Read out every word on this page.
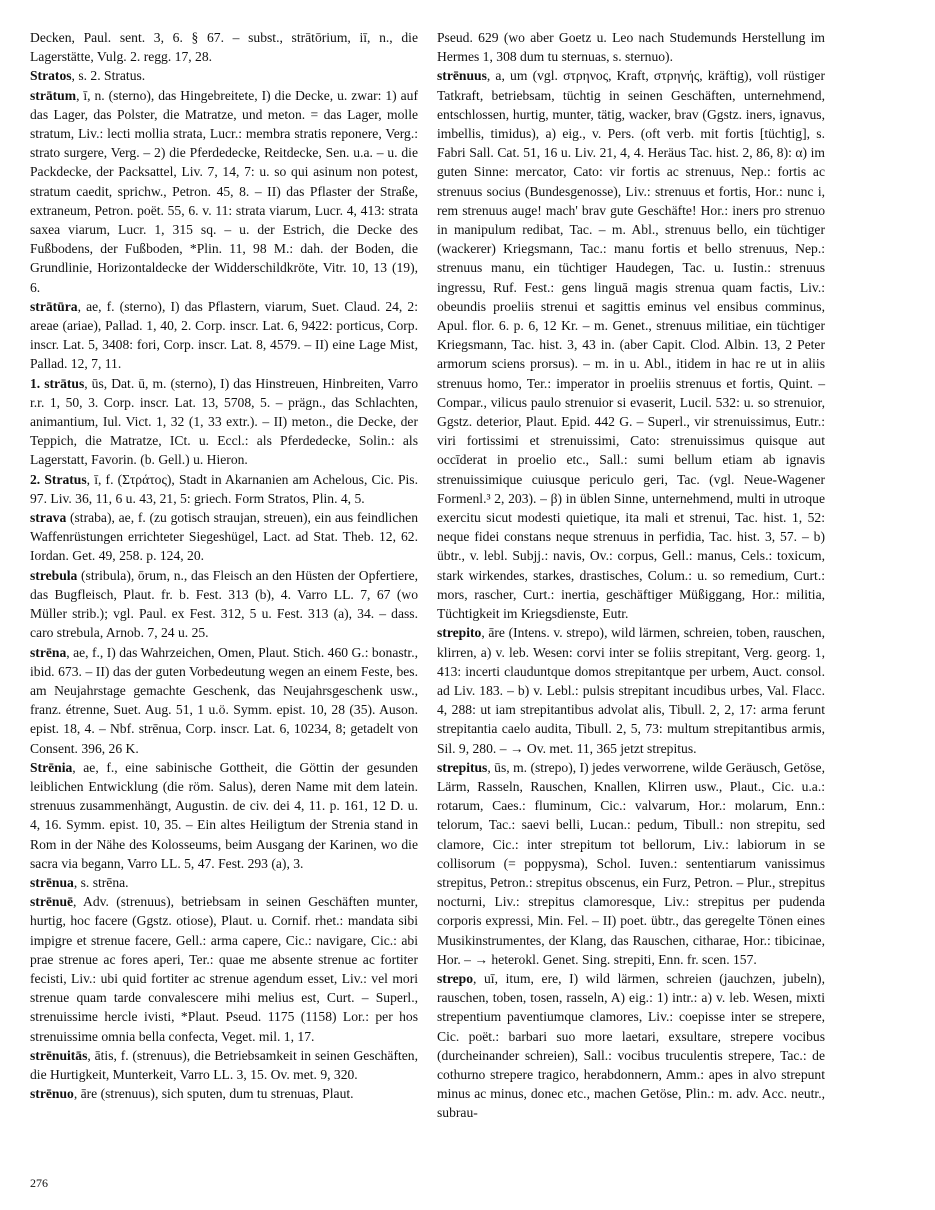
Decken, Paul. sent. 3, 6. § 67. – subst., strātōrium, iī, n., die Lagerstätte, Vulg. 2. regg. 17, 28.

Stratos, s. 2. Stratus.

strātum, ī, n. (sterno), das Hingebreitete, I) die Decke, u. zwar: 1) auf das Lager, das Polster, die Matratze, und meton. = das Lager, molle stratum, Liv.: lecti mollia strata, Lucr.: membra stratis reponere, Verg.: strato surgere, Verg. – 2) die Pferdedecke, Reitdecke, Sen. u.a. – u. die Packdecke, der Packsattel, Liv. 7, 14, 7: u. so qui asinum non potest, stratum caedit, sprichw., Petron. 45, 8. – II) das Pflaster der Straße, extraneum, Petron. poët. 55, 6. v. 11: strata viarum, Lucr. 4, 413: strata saxea viarum, Lucr. 1, 315 sq. – u. der Estrich, die Decke des Fußbodens, der Fußboden, *Plin. 11, 98 M.: dah. der Boden, die Grundlinie, Horizontaldecke der Widderschildkröte, Vitr. 10, 13 (19), 6.

strātūra, ae, f. (sterno), I) das Pflastern, viarum, Suet. Claud. 24, 2: areae (ariae), Pallad. 1, 40, 2. Corp. inscr. Lat. 6, 9422: porticus, Corp. inscr. Lat. 5, 3408: fori, Corp. inscr. Lat. 8, 4579. – II) eine Lage Mist, Pallad. 12, 7, 11.

1. strātus, ūs, Dat. ū, m. (sterno), I) das Hinstreuen, Hinbreiten, Varro r.r. 1, 50, 3. Corp. inscr. Lat. 13, 5708, 5. – prägn., das Schlachten, animantium, Iul. Vict. 1, 32 (1, 33 extr.). – II) meton., die Decke, der Teppich, die Matratze, ICt. u. Eccl.: als Pferdedecke, Solin.: als Lagerstatt, Favorin. (b. Gell.) u. Hieron.

2. Stratus, ī, f. (Στράτος), Stadt in Akarnanien am Achelous, Cic. Pis. 97. Liv. 36, 11, 6 u. 43, 21, 5: griech. Form Stratos, Plin. 4, 5.

strava (straba), ae, f. (zu gotisch straujan, streuen), ein aus feindlichen Waffenrüstungen errichteter Siegeshügel, Lact. ad Stat. Theb. 12, 62. Iordan. Get. 49, 258. p. 124, 20.

strebula (stribula), ōrum, n., das Fleisch an den Hüsten der Opfertiere, das Bugfleisch, Plaut. fr. b. Fest. 313 (b), 4. Varro LL. 7, 67 (wo Müller strib.); vgl. Paul. ex Fest. 312, 5 u. Fest. 313 (a), 34. – dass. caro strebula, Arnob. 7, 24 u. 25.

strēna, ae, f., I) das Wahrzeichen, Omen, Plaut. Stich. 460 G.: bonastr., ibid. 673. – II) das der guten Vorbedeutung wegen an einem Feste, bes. am Neujahrstage gemachte Geschenk, das Neujahrsgeschenk usw., franz. étrenne, Suet. Aug. 51, 1 u.ö. Symm. epist. 10, 28 (35). Auson. epist. 18, 4. – Nbf. strēnua, Corp. inscr. Lat. 6, 10234, 8; getadelt von Consent. 396, 26 K.

Strēnia, ae, f., eine sabinische Gottheit, die Göttin der gesunden leiblichen Entwicklung (die röm. Salus), deren Name mit dem latein. strenuus zusammenhängt, Augustin. de civ. dei 4, 11. p. 161, 12 D. u. 4, 16. Symm. epist. 10, 35. – Ein altes Heiligtum der Strenia stand in Rom in der Nähe des Kolosseums, beim Ausgang der Karinen, wo die sacra via begann, Varro LL. 5, 47. Fest. 293 (a), 3.

strēnua, s. strēna.

strēnuē, Adv. (strenuus), betriebsam in seinen Geschäften munter, hurtig, hoc facere (Ggstz. otiose), Plaut. u. Cornif. rhet.: mandata sibi impigre et strenue facere, Gell.: arma capere, Cic.: navigare, Cic.: abi prae strenue ac fores aperi, Ter.: quae me absente strenue ac fortiter fecisti, Liv.: ubi quid fortiter ac strenue agendum esset, Liv.: vel mori strenue quam tarde convalescere mihi melius est, Curt. – Superl., strenuissime hercle ivisti, *Plaut. Pseud. 1175 (1158) Lor.: per hos strenuissime omnia bella confecta, Veget. mil. 1, 17.

strēnuitās, ātis, f. (strenuus), die Betriebsamkeit in seinen Geschäften, die Hurtigkeit, Munterkeit, Varro LL. 3, 15. Ov. met. 9, 320.

strēnuo, āre (strenuus), sich sputen, dum tu strenuas, Plaut.

Pseud. 629 (wo aber Goetz u. Leo nach Studemunds Herstellung im Hermes 1, 308 dum tu sternuas, s. sternuo).

strēnuus, a, um (vgl. στρηνος, Kraft, στρηνής, kräftig), voll rüstiger Tatkraft, betriebsam, tüchtig in seinen Geschäften, unternehmend, entschlossen, hurtig, munter, tätig, wacker, brav (Ggstz. iners, ignavus, imbellis, timidus), a) eig., v. Pers. (oft verb. mit fortis [tüchtig], s. Fabri Sall. Cat. 51, 16 u. Liv. 21, 4, 4. Heräus Tac. hist. 2, 86, 8): α) im guten Sinne: mercator, Cato: vir fortis ac strenuus, Nep.: fortis ac strenuus socius (Bundesgenosse), Liv.: strenuus et fortis, Hor.: nunc i, rem strenuus auge! mach' brav gute Geschäfte! Hor.: iners pro strenuo in manipulum redibat, Tac. – m. Abl., strenuus bello, ein tüchtiger (wackerer) Kriegsmann, Tac.: manu fortis et bello strenuus, Nep.: strenuus manu, ein tüchtiger Haudegen, Tac. u. Iustin.: strenuus ingressu, Ruf. Fest.: gens linguā magis strenua quam factis, Liv.: obeundis proeliis strenui et sagittis eminus vel ensibus comminus, Apul. flor. 6. p. 6, 12 Kr. – m. Genet., strenuus militiae, ein tüchtiger Kriegsmann, Tac. hist. 3, 43 in. (aber Capit. Clod. Albin. 13, 2 Peter armorum sciens prorsus). – m. in u. Abl., itidem in hac re ut in aliis strenuus homo, Ter.: imperator in proeliis strenuus et fortis, Quint. – Compar., vilicus paulo strenuior si evaserit, Lucil. 532: u. so strenuior, Ggstz. deterior, Plaut. Epid. 442 G. – Superl., vir strenuissimus, Eutr.: viri fortissimi et strenuissimi, Cato: strenuissimus quisque aut occīderat in proelio etc., Sall.: sumi bellum etiam ab ignavis strenuissimique cuiusque periculo geri, Tac. (vgl. Neue-Wagener Formenl.³ 2, 203). – β) in üblen Sinne, unternehmend, multi in utroque exercitu sicut modesti quietique, ita mali et strenui, Tac. hist. 1, 52: neque fidei constans neque strenuus in perfidia, Tac. hist. 3, 57. – b) übtr., v. lebl. Subjj.: navis, Ov.: corpus, Gell.: manus, Cels.: toxicum, stark wirkendes, starkes, drastisches, Colum.: u. so remedium, Curt.: mors, rascher, Curt.: inertia, geschäftiger Müßiggang, Hor.: militia, Tüchtigkeit im Kriegsdienste, Eutr.

strepito, āre (Intens. v. strepo), wild lärmen, schreien, toben, rauschen, klirren, a) v. leb. Wesen: corvi inter se foliis strepitant, Verg. georg. 1, 413: incerti clauduntque domos strepitantque per urbem, Auct. consol. ad Liv. 183. – b) v. Lebl.: pulsis strepitant incudibus urbes, Val. Flacc. 4, 288: ut iam strepitantibus advolat alis, Tibull. 2, 2, 17: arma ferunt strepitantia caelo audita, Tibull. 2, 5, 73: multum strepitantibus armis, Sil. 9, 280. – → Ov. met. 11, 365 jetzt strepitus.

strepitus, ūs, m. (strepo), I) jedes verworrene, wilde Geräusch, Getöse, Lärm, Rasseln, Rauschen, Knallen, Klirren usw., Plaut., Cic. u.a.: rotarum, Caes.: fluminum, Cic.: valvarum, Hor.: molarum, Enn.: telorum, Tac.: saevi belli, Lucan.: pedum, Tibull.: non strepitu, sed clamore, Cic.: inter strepitum tot bellorum, Liv.: labiorum in se collisorum (= poppysma), Schol. Iuven.: sententiarum vanissimus strepitus, Petron.: strepitus obscenus, ein Furz, Petron. – Plur., strepitus nocturni, Liv.: strepitus clamoresque, Liv.: strepitus per pudenda corporis expressi, Min. Fel. – II) poet. übtr., das geregelte Tönen eines Musikinstrumentes, der Klang, das Rauschen, citharae, Hor.: tibicinae, Hor. – → heterokl. Genet. Sing. strepiti, Enn. fr. scen. 157.

strepo, uī, itum, ere, I) wild lärmen, schreien (jauchzen, jubeln), rauschen, toben, tosen, rasseln, A) eig.: 1) intr.: a) v. leb. Wesen, mixti strepentium paventiumque clamores, Liv.: coepisse inter se strepere, Cic. poët.: barbari suo more laetari, exsultare, strepere vocibus (durcheinander schreien), Sall.: vocibus truculentis strepere, Tac.: de cothurno strepere tragico, herabdonnern, Amm.: apes in alvo strepunt minus ac minus, donec etc., machen Getöse, Plin.: m. adv. Acc. neutr., subrau-

276
